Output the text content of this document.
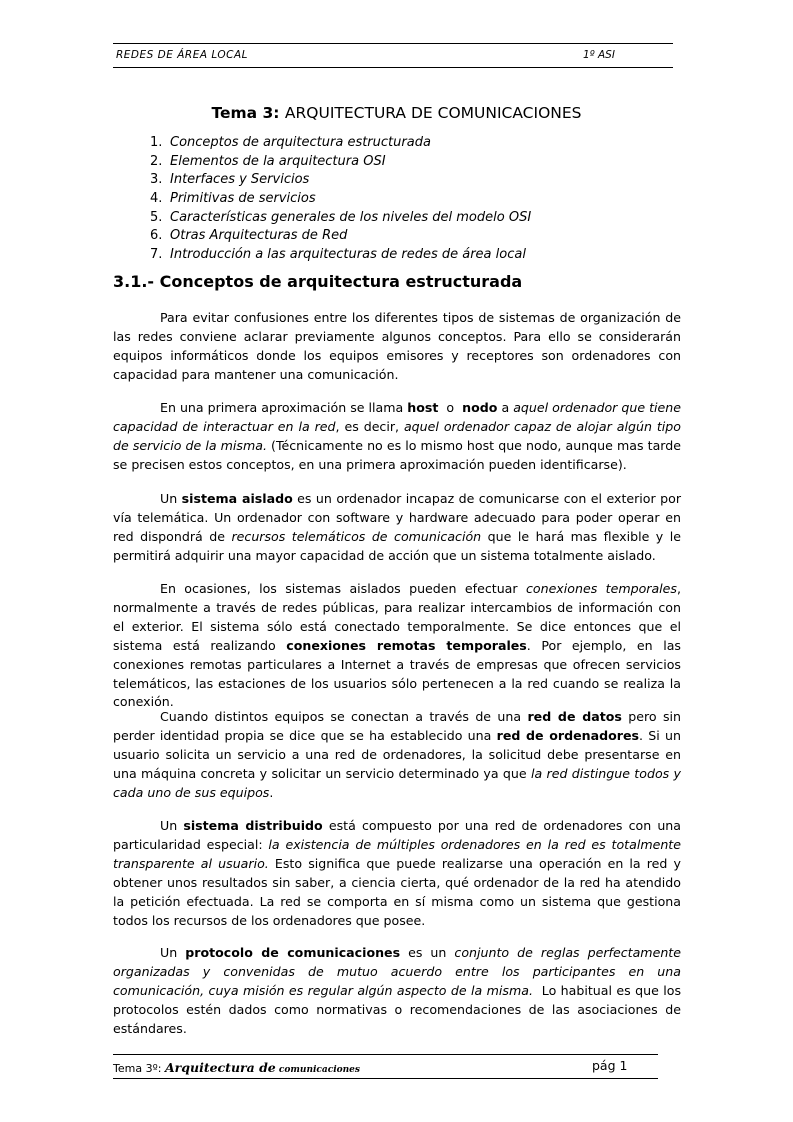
REDES DE ÁREA LOCAL	1º ASI
Tema 3: ARQUITECTURA DE COMUNICACIONES
1. Conceptos de arquitectura estructurada
2. Elementos de la arquitectura OSI
3. Interfaces y Servicios
4. Primitivas de servicios
5. Características generales de los niveles del modelo OSI
6. Otras Arquitecturas de Red
7. Introducción a las arquitecturas de redes de área local
3.1.- Conceptos de arquitectura estructurada

Para evitar confusiones entre los diferentes tipos de sistemas de organización de las redes conviene aclarar previamente algunos conceptos. Para ello se considerarán equipos informáticos donde los equipos emisores y receptores son ordenadores con capacidad para mantener una comunicación.

En una primera aproximación se llama host  o  nodo a aquel ordenador que tiene capacidad de interactuar en la red, es decir, aquel ordenador capaz de alojar algún tipo de servicio de la misma. (Técnicamente no es lo mismo host que nodo, aunque mas tarde se precisen estos conceptos, en una primera aproximación pueden identificarse).

Un sistema aislado es un ordenador incapaz de comunicarse con el exterior por vía telemática. Un ordenador con software y hardware adecuado para poder operar en red dispondrá de recursos telemáticos de comunicación que le hará mas flexible y le permitirá adquirir una mayor capacidad de acción que un sistema totalmente aislado.

En ocasiones, los sistemas aislados pueden efectuar conexiones temporales, normalmente a través de redes públicas, para realizar intercambios de información con el exterior. El sistema sólo está conectado temporalmente. Se dice entonces que el sistema está realizando conexiones remotas temporales. Por ejemplo, en las conexiones remotas particulares a Internet a través de empresas que ofrecen servicios telemáticos, las estaciones de los usuarios sólo pertenecen a la red cuando se realiza la conexión.

Cuando distintos equipos se conectan a través de una red de datos pero sin perder identidad propia se dice que se ha establecido una red de ordenadores. Si un usuario solicita un servicio a una red de ordenadores, la solicitud debe presentarse en una máquina concreta y solicitar un servicio determinado ya que la red distingue todos y cada uno de sus equipos.

Un sistema distribuido está compuesto por una red de ordenadores con una particularidad especial: la existencia de múltiples ordenadores en la red es totalmente transparente al usuario. Esto significa que puede realizarse una operación en la red y obtener unos resultados sin saber, a ciencia cierta, qué ordenador de la red ha atendido la petición efectuada. La red se comporta en sí misma como un sistema que gestiona todos los recursos de los ordenadores que posee.

Un protocolo de comunicaciones es un conjunto de reglas perfectamente organizadas y convenidas de mutuo acuerdo entre los participantes en una comunicación, cuya misión es regular algún aspecto de la misma.  Lo habitual es que los protocolos estén dados como normativas o recomendaciones de las asociaciones de estándares.

Tema 3º: Arquitectura de comunicaciones	pág 1
